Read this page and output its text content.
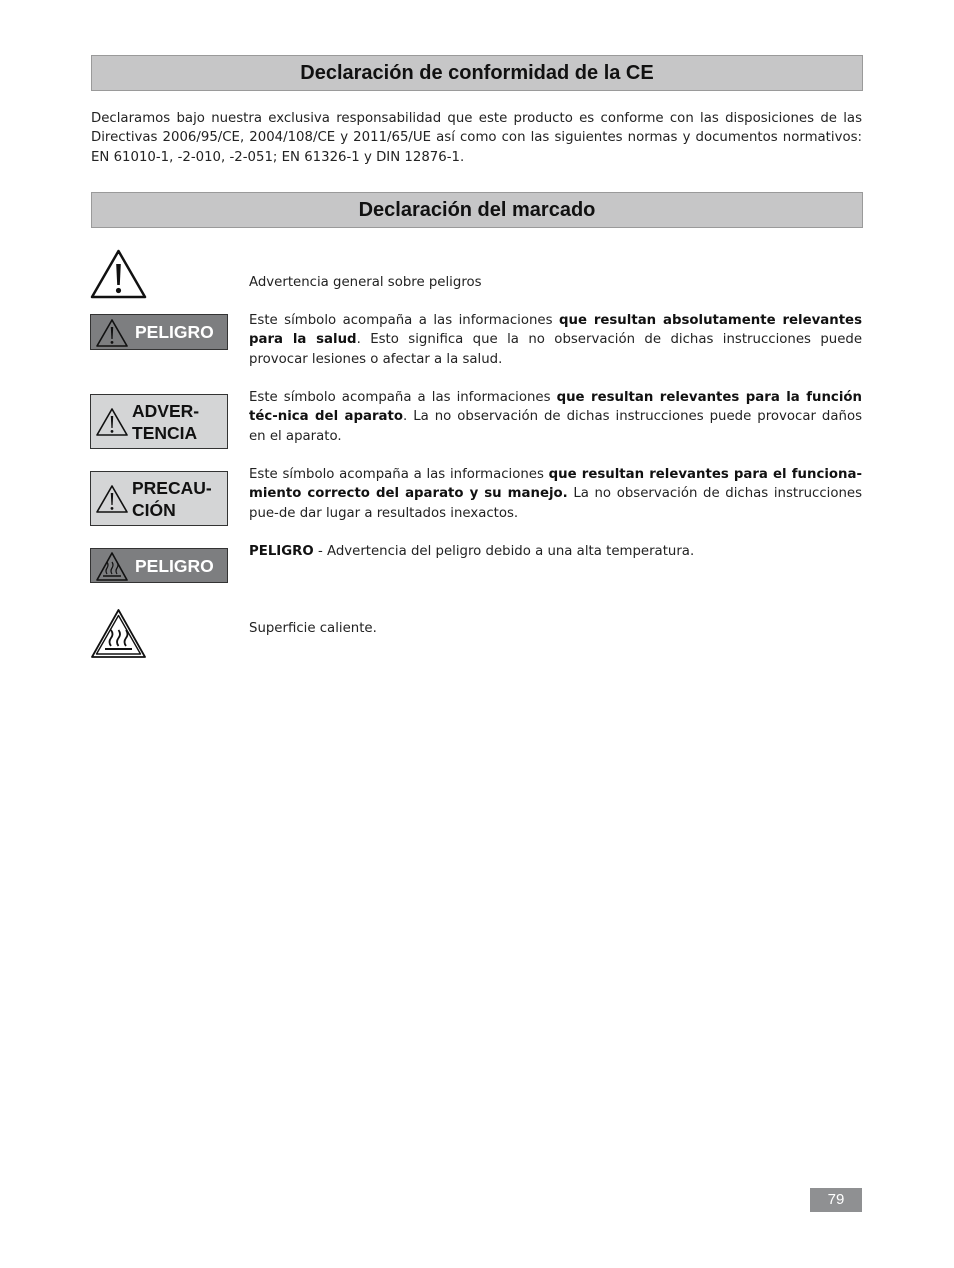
Declaración de conformidad de la CE
Declaramos bajo nuestra exclusiva responsabilidad que este producto es conforme con las disposiciones de las Directivas 2006/95/CE, 2004/108/CE y 2011/65/UE así como con las siguientes normas y documentos normativos: EN 61010-1, -2-010, -2-051; EN 61326-1 y DIN 12876-1.
Declaración del marcado
Advertencia general sobre peligros
PELIGRO
Este símbolo acompaña a las informaciones que resultan absolutamente relevantes para la salud. Esto significa que la no observación de dichas instrucciones puede provocar lesiones o afectar a la salud.
ADVER-
TENCIA
Este símbolo acompaña a las informaciones que resultan relevantes para la función téc-nica del aparato. La no observación de dichas instrucciones puede provocar daños en el aparato.
PRECAU-
CIÓN
Este símbolo acompaña a las informaciones que resultan relevantes para el funciona-miento correcto del aparato y su manejo. La no observación de dichas instrucciones pue-de dar lugar a resultados inexactos.
PELIGRO
PELIGRO - Advertencia del peligro debido a una alta temperatura.
Superficie caliente.
79
